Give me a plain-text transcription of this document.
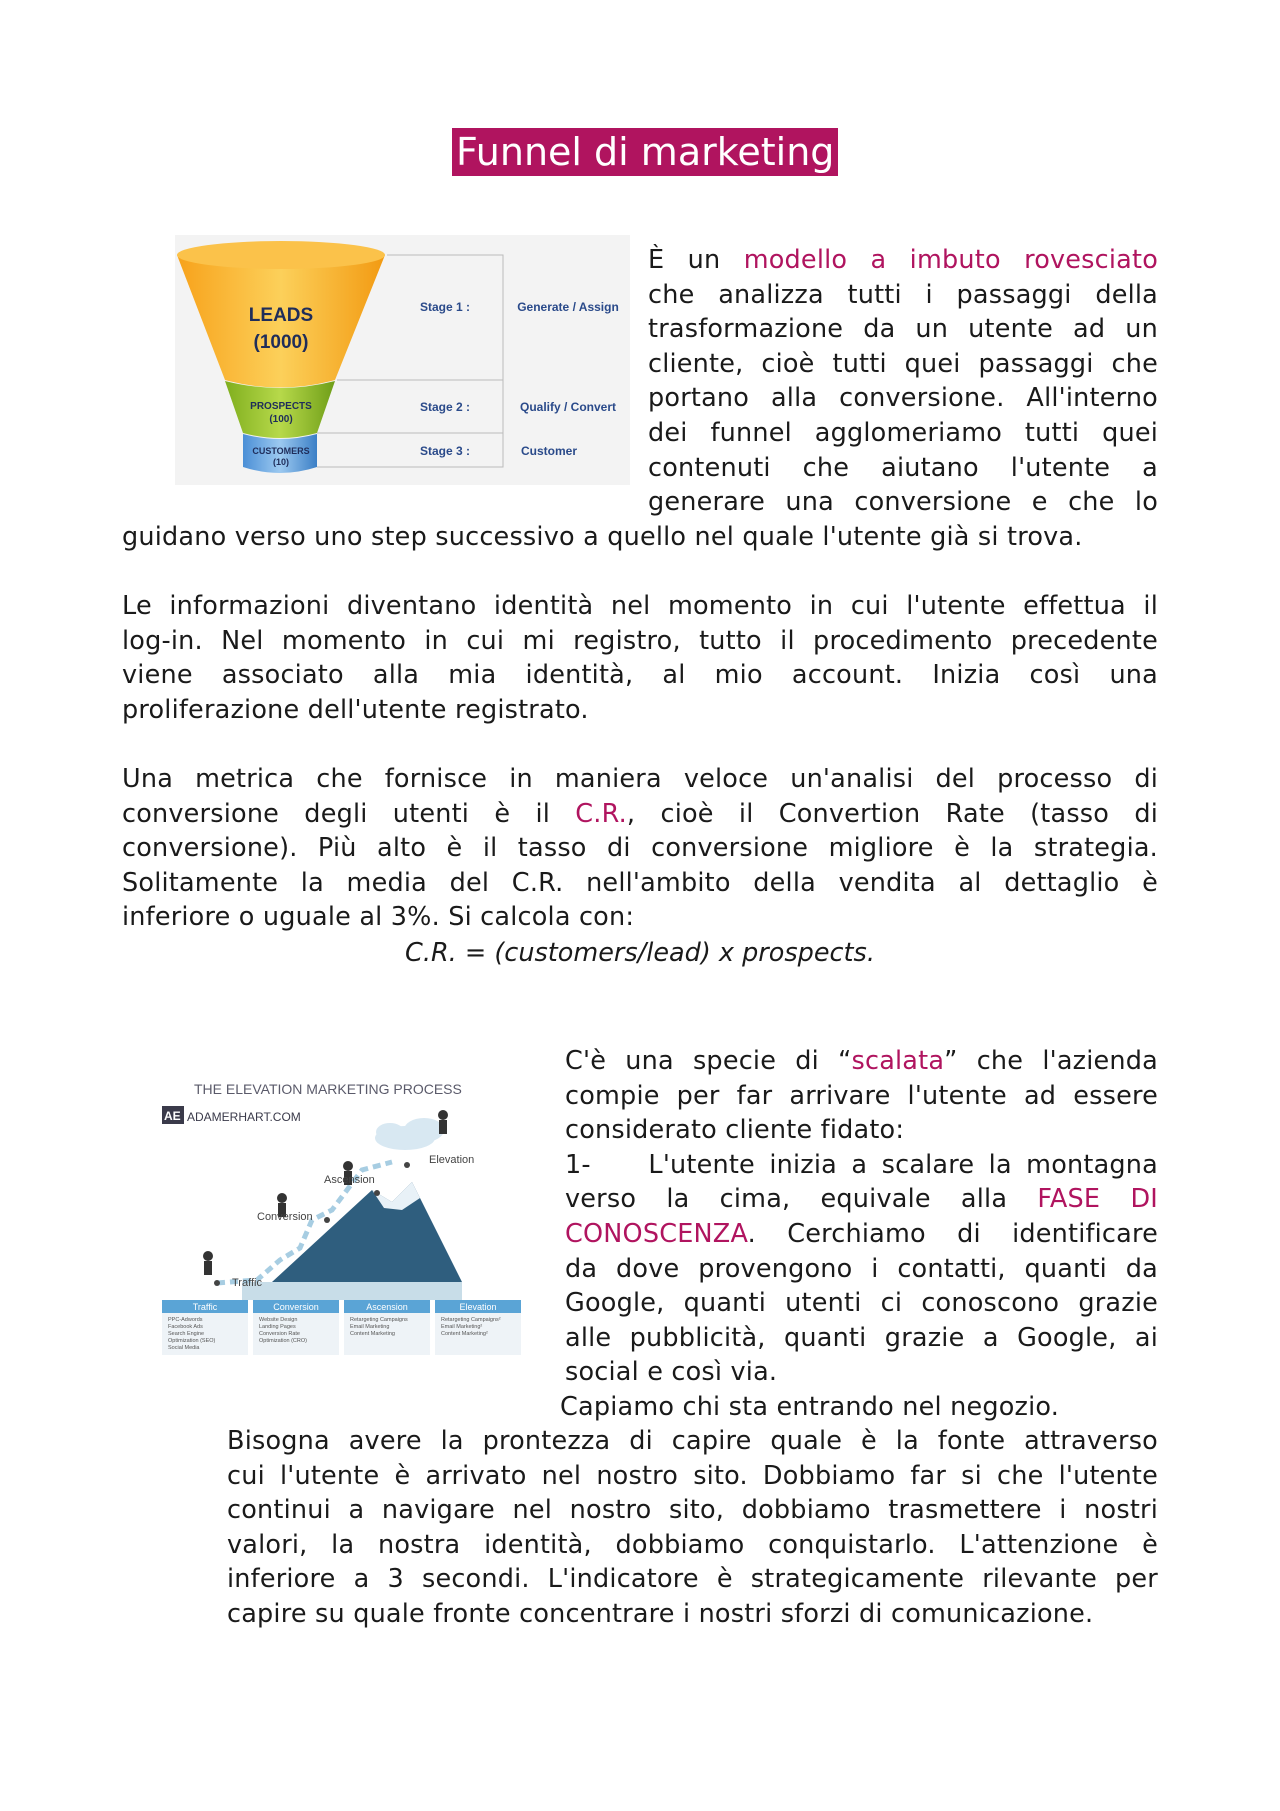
Funnel di marketing
LEADS
(1000)
PROSPECTS
(100)
CUSTOMERS
(10)
Stage 1 :	Generate / Assign
Stage 2 :	Qualify / Convert
Stage 3 :	Customer
È un modello a imbuto rovesciato
che analizza tutti i passaggi della
trasformazione da un utente ad un
cliente, cioè tutti quei passaggi che
portano alla conversione. All'interno
dei funnel agglomeriamo tutti quei
contenuti che aiutano l'utente a
generare una conversione e che lo
guidano verso uno step successivo a quello nel quale l'utente già si trova.
Le informazioni diventano identità nel momento in cui l'utente effettua il
log-in. Nel momento in cui mi registro, tutto il procedimento precedente
viene associato alla mia identità, al mio account. Inizia così una
proliferazione dell'utente registrato.
Una metrica che fornisce in maniera veloce un'analisi del processo di
conversione degli utenti è il C.R., cioè il Convertion Rate (tasso di
conversione). Più alto è il tasso di conversione migliore è la strategia.
Solitamente la media del C.R. nell'ambito della vendita al dettaglio è
inferiore o uguale al 3%. Si calcola con:
C.R. = (customers/lead) x prospects.
THE ELEVATION MARKETING PROCESS
AE ADAMERHART.COM
Elevation
Ascension
Conversion
Traffic
Traffic	Conversion	Ascension	Elevation
PPC-Adwords
Facebook Ads
Search Engine
Optimization (SEO)
Social Media
Website Design
Landing Pages
Conversion Rate
Optimization (CRO)
Retargeting Campaigns
Email Marketing
Content Marketing
Retargeting Campaigns²
Email Marketing²
Content Marketing²
C'è una specie di “scalata” che l'azienda
compie per far arrivare l'utente ad essere
considerato cliente fidato:
1-    L'utente inizia a scalare la montagna
verso la cima, equivale alla FASE DI
CONOSCENZA. Cerchiamo di identificare
da dove provengono i contatti, quanti da
Google, quanti utenti ci conoscono grazie
alle pubblicità, quanti grazie a Google, ai
social e così via.
Capiamo chi sta entrando nel negozio.
Bisogna avere la prontezza di capire quale è la fonte attraverso
cui l'utente è arrivato nel nostro sito. Dobbiamo far si che l'utente
continui a navigare nel nostro sito, dobbiamo trasmettere i nostri
valori, la nostra identità, dobbiamo conquistarlo. L'attenzione è
inferiore a 3 secondi. L'indicatore è strategicamente rilevante per
capire su quale fronte concentrare i nostri sforzi di comunicazione.
